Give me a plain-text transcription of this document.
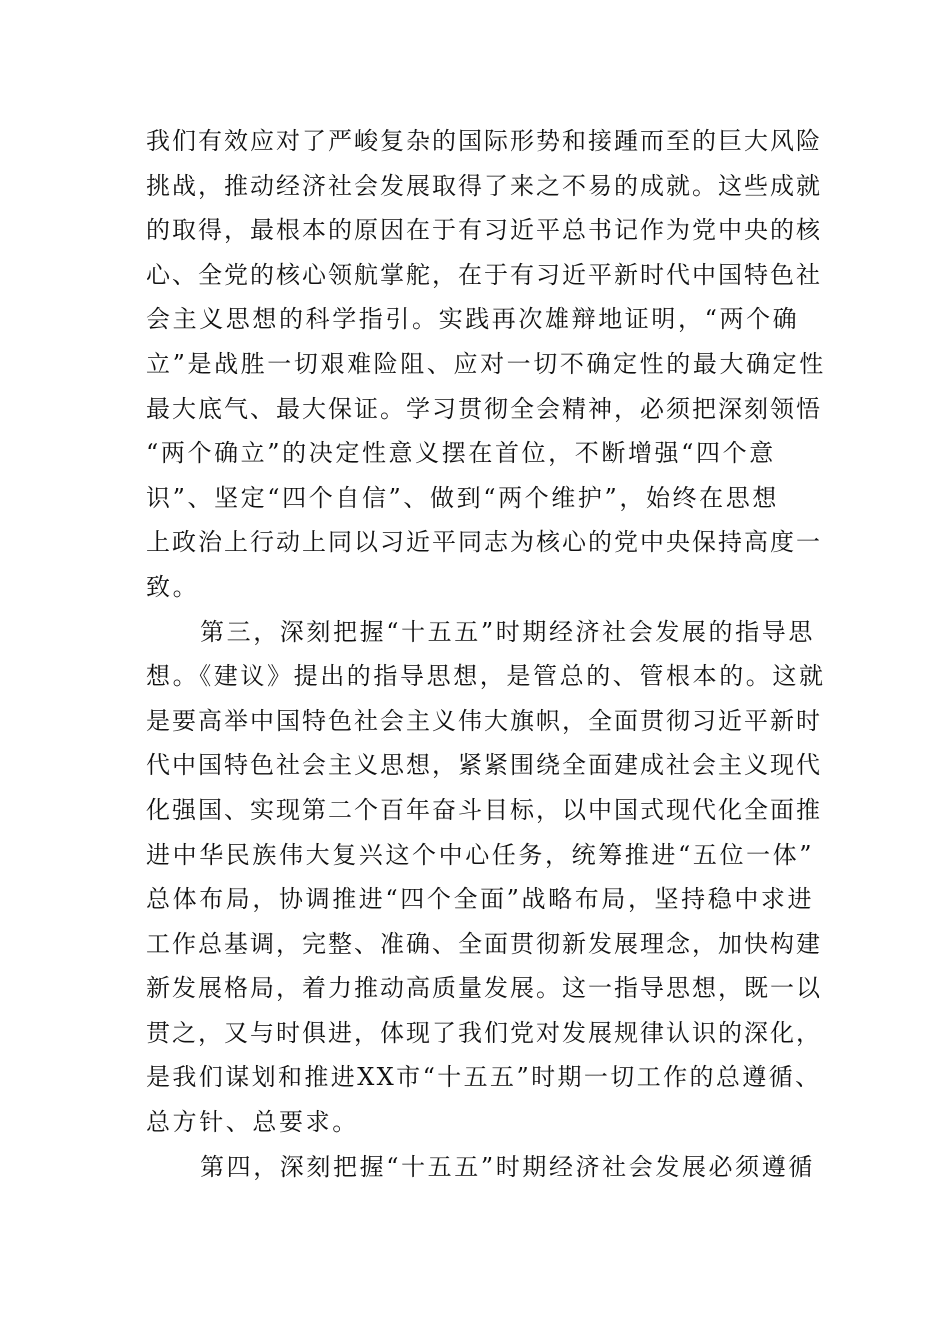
我们有效应对了严峻复杂的国际形势和接踵而至的巨大风险
挑战，推动经济社会发展取得了来之不易的成就。这些成就
的取得，最根本的原因在于有习近平总书记作为党中央的核
心、全党的核心领航掌舵，在于有习近平新时代中国特色社
会主义思想的科学指引。实践再次雄辩地证明，“两个确
立”是战胜一切艰难险阻、应对一切不确定性的最大确定性
最大底气、最大保证。学习贯彻全会精神，必须把深刻领悟
“两个确立”的决定性意义摆在首位，不断增强“四个意
识”、坚定“四个自信”、做到“两个维护”，始终在思想
上政治上行动上同以习近平同志为核心的党中央保持高度一
致。
第三，深刻把握“十五五”时期经济社会发展的指导思
想。《建议》提出的指导思想，是管总的、管根本的。这就
是要高举中国特色社会主义伟大旗帜，全面贯彻习近平新时
代中国特色社会主义思想，紧紧围绕全面建成社会主义现代
化强国、实现第二个百年奋斗目标，以中国式现代化全面推
进中华民族伟大复兴这个中心任务，统筹推进“五位一体”
总体布局，协调推进“四个全面”战略布局，坚持稳中求进
工作总基调，完整、准确、全面贯彻新发展理念，加快构建
新发展格局，着力推动高质量发展。这一指导思想，既一以
贯之，又与时俱进，体现了我们党对发展规律认识的深化，
是我们谋划和推进XX市“十五五”时期一切工作的总遵循、
总方针、总要求。
第四，深刻把握“十五五”时期经济社会发展必须遵循
